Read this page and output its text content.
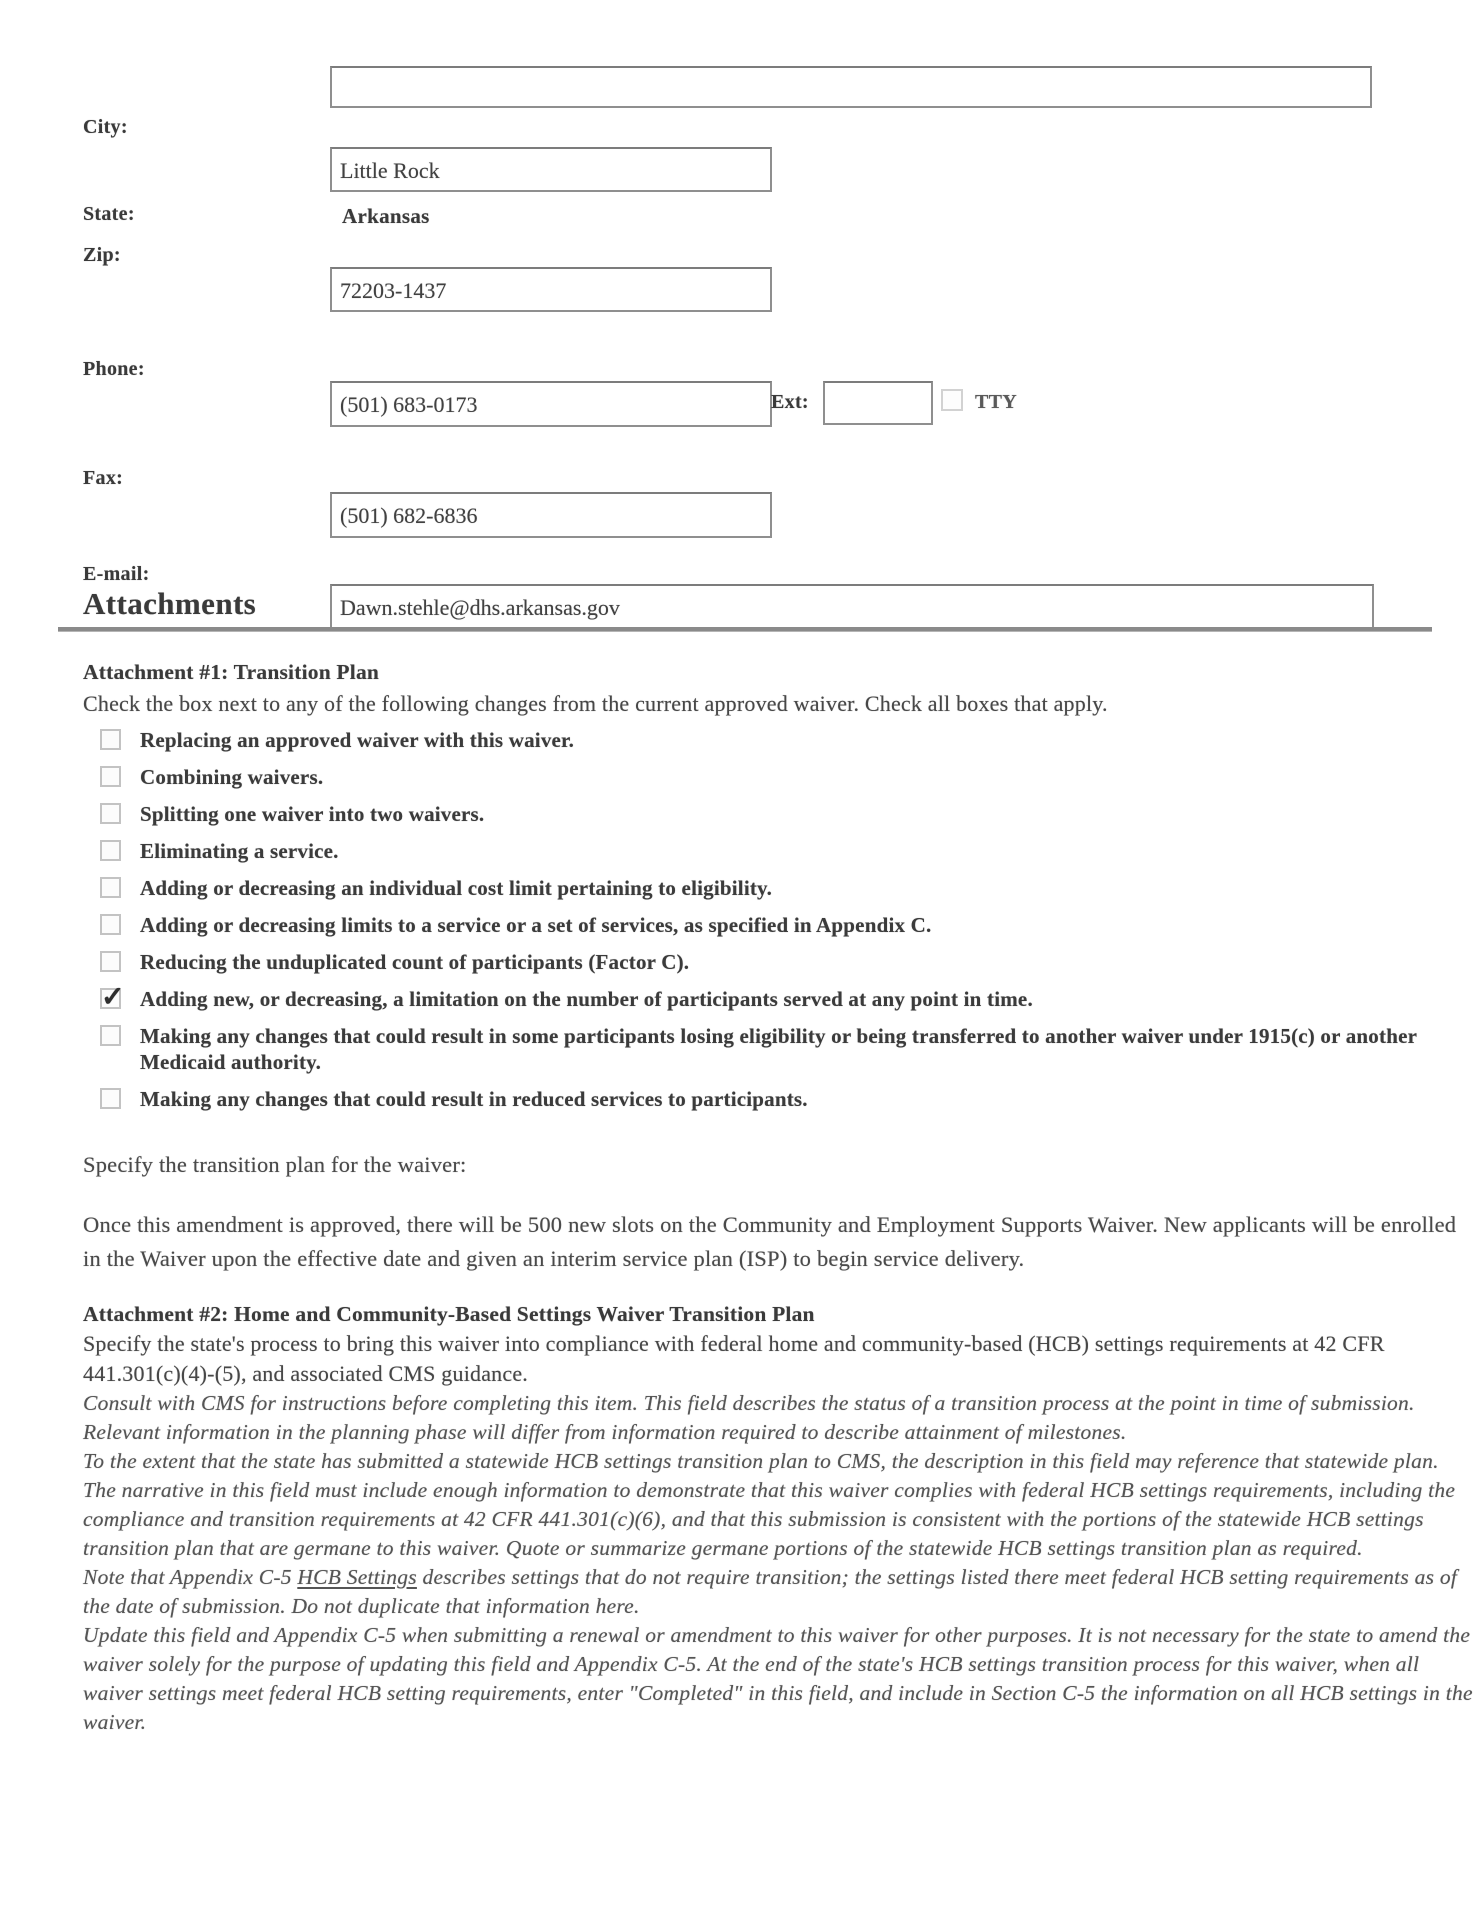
City:
Little Rock
State:	Arkansas
Zip:
72203-1437
Phone:
(501) 683-0173
Ext:	TTY
Fax:
(501) 682-6836
E-mail:
Dawn.stehle@dhs.arkansas.gov
Attachments

Attachment #1: Transition Plan

Check the box next to any of the following changes from the current approved waiver. Check all boxes that apply.

Replacing an approved waiver with this waiver.
Combining waivers.
Splitting one waiver into two waivers.
Eliminating a service.
Adding or decreasing an individual cost limit pertaining to eligibility.
Adding or decreasing limits to a service or a set of services, as specified in Appendix C.
Reducing the unduplicated count of participants (Factor C).
✓
Adding new, or decreasing, a limitation on the number of participants served at any point in time.
Making any changes that could result in some participants losing eligibility or being transferred to another waiver under 1915(c) or another Medicaid authority.
Making any changes that could result in reduced services to participants.

Specify the transition plan for the waiver:

Once this amendment is approved, there will be 500 new slots on the Community and Employment Supports Waiver. New applicants will be enrolled in the Waiver upon the effective date and given an interim service plan (ISP) to begin service delivery.

Attachment #2: Home and Community-Based Settings Waiver Transition Plan

Specify the state's process to bring this waiver into compliance with federal home and community-based (HCB) settings requirements at 42 CFR 441.301(c)(4)-(5), and associated CMS guidance.

Consult with CMS for instructions before completing this item. This field describes the status of a transition process at the point in time of submission. Relevant information in the planning phase will differ from information required to describe attainment of milestones.

To the extent that the state has submitted a statewide HCB settings transition plan to CMS, the description in this field may reference that statewide plan. The narrative in this field must include enough information to demonstrate that this waiver complies with federal HCB settings requirements, including the compliance and transition requirements at 42 CFR 441.301(c)(6), and that this submission is consistent with the portions of the statewide HCB settings transition plan that are germane to this waiver. Quote or summarize germane portions of the statewide HCB settings transition plan as required.

Note that Appendix C-5 HCB Settings describes settings that do not require transition; the settings listed there meet federal HCB setting requirements as of the date of submission. Do not duplicate that information here.

Update this field and Appendix C-5 when submitting a renewal or amendment to this waiver for other purposes. It is not necessary for the state to amend the waiver solely for the purpose of updating this field and Appendix C-5. At the end of the state's HCB settings transition process for this waiver, when all waiver settings meet federal HCB setting requirements, enter "Completed" in this field, and include in Section C-5 the information on all HCB settings in the waiver.
